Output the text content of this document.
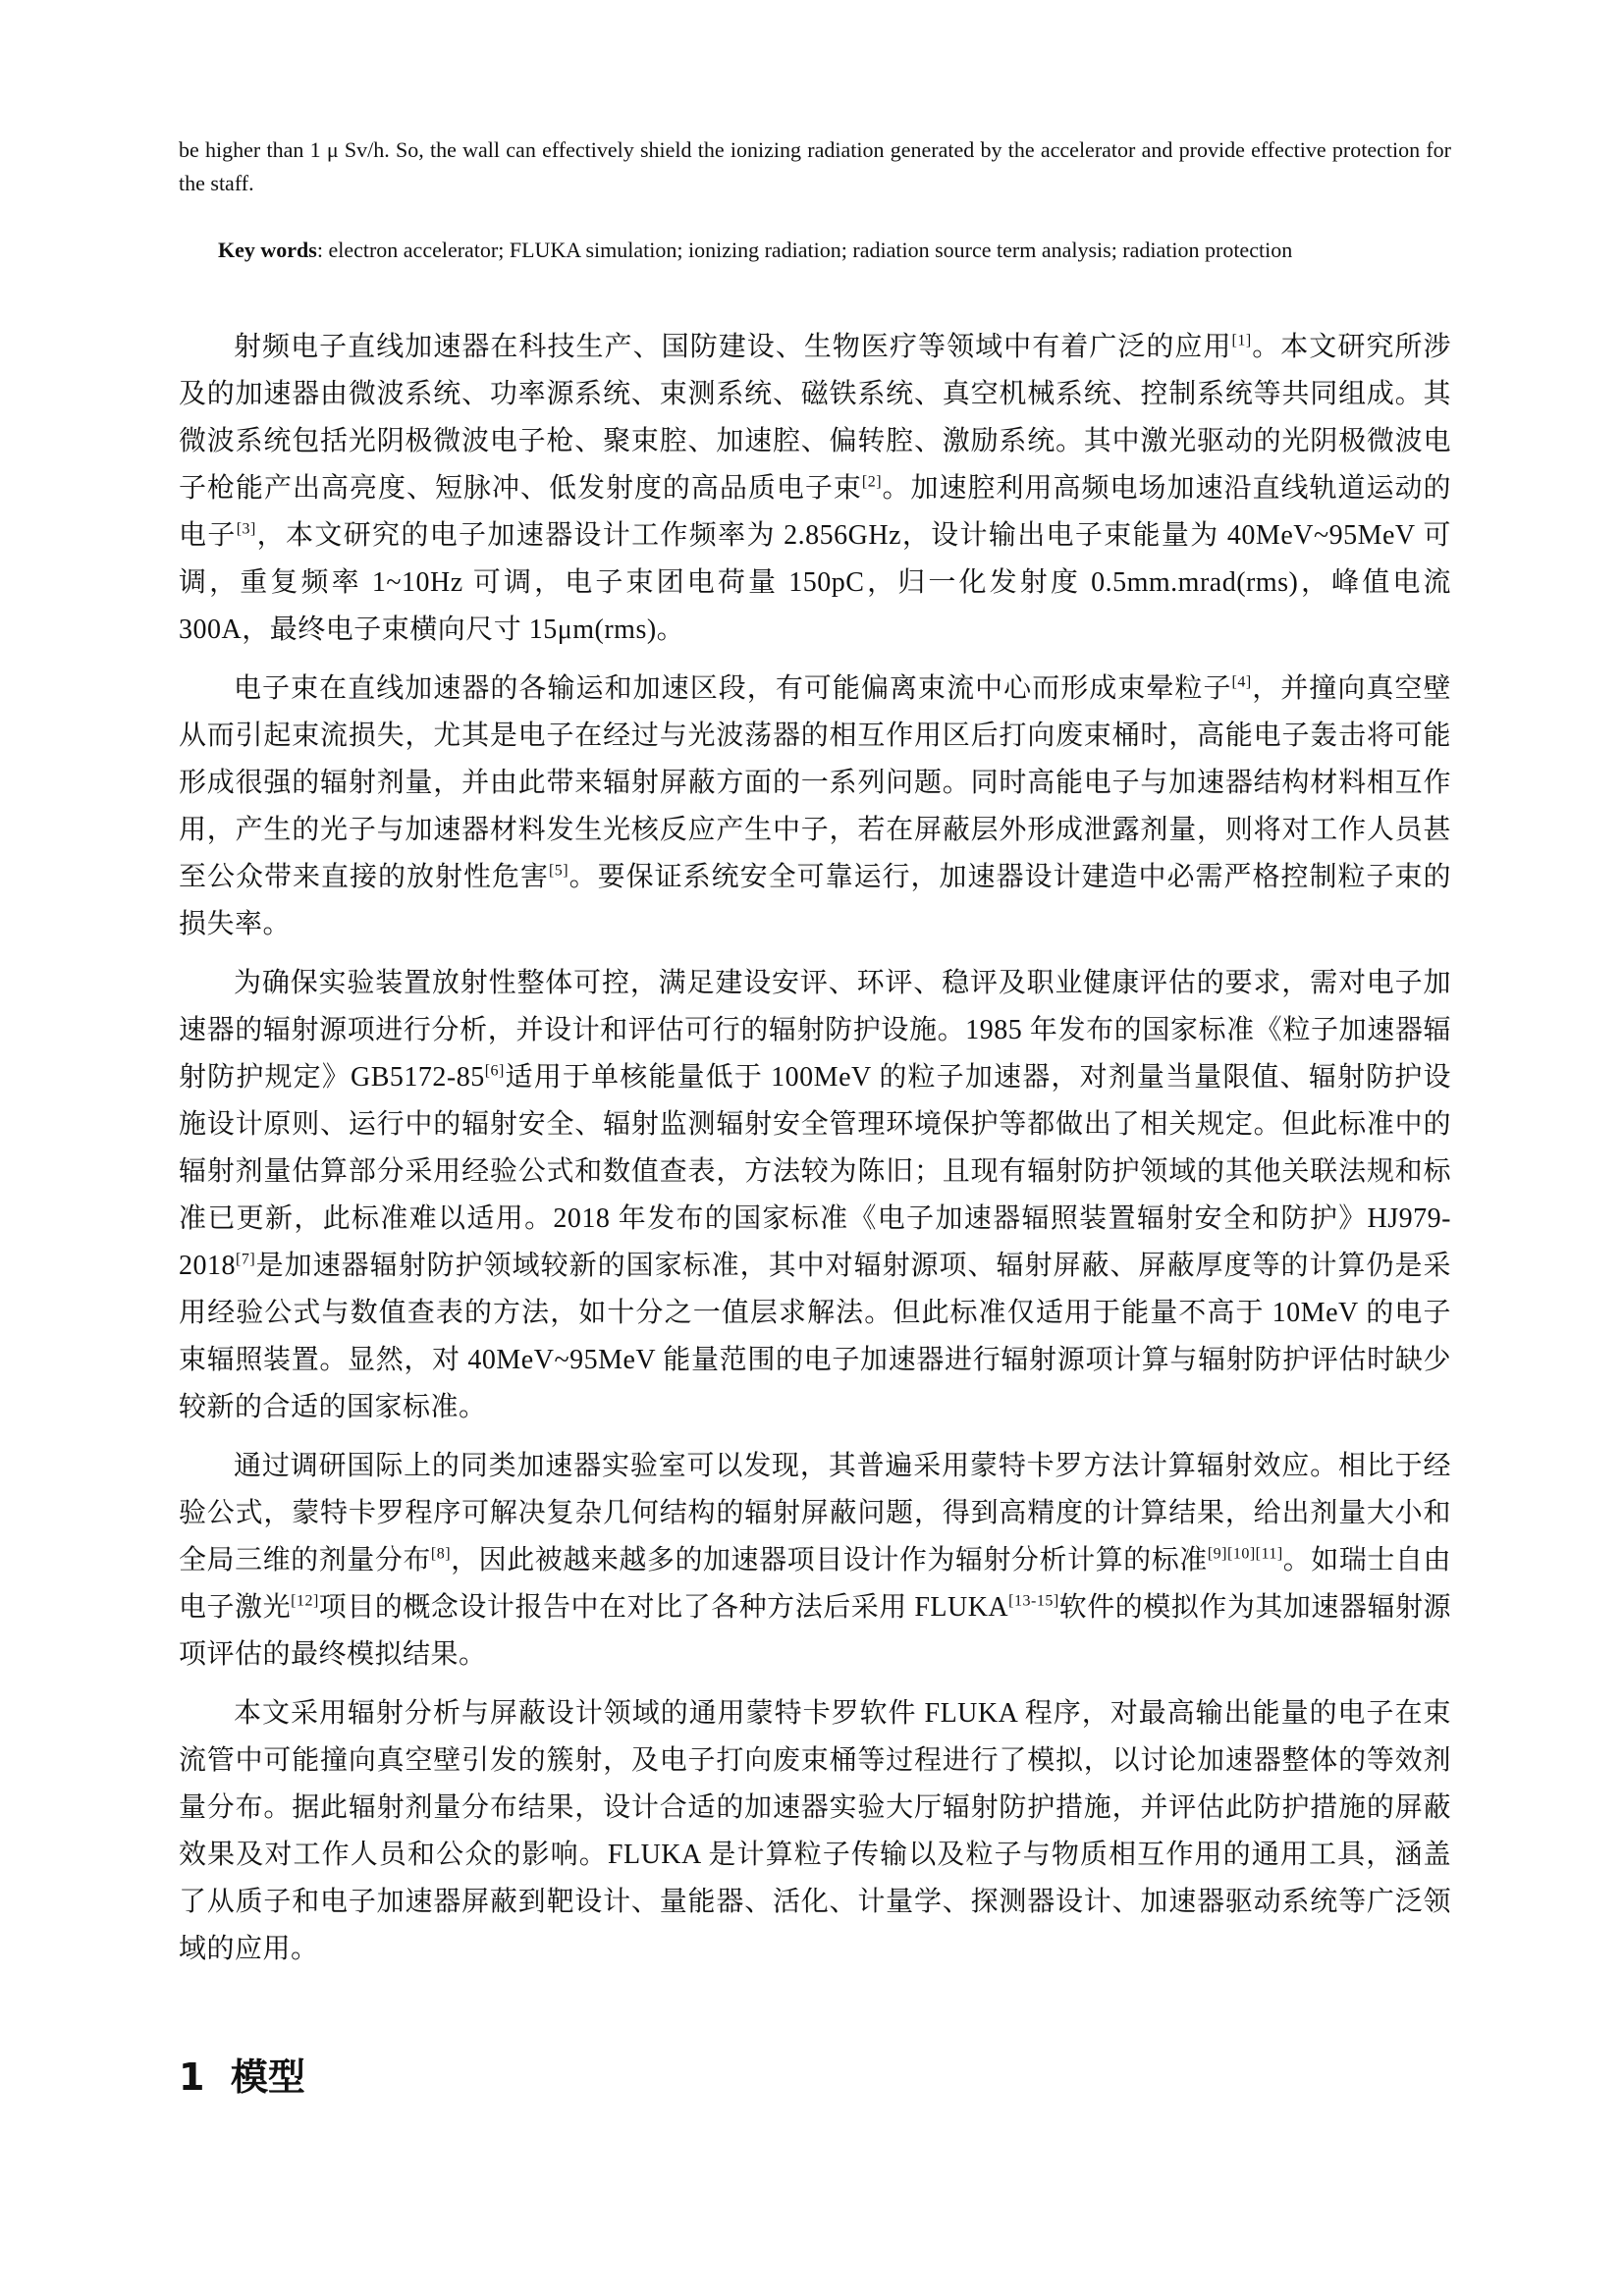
be higher than 1 μ Sv/h. So, the wall can effectively shield the ionizing radiation generated by the accelerator and provide effective protection for the staff.

Key words: electron accelerator; FLUKA simulation; ionizing radiation; radiation source term analysis; radiation protection

射频电子直线加速器在科技生产、国防建设、生物医疗等领域中有着广泛的应用[1]。本文研究所涉及的加速器由微波系统、功率源系统、束测系统、磁铁系统、真空机械系统、控制系统等共同组成。其微波系统包括光阴极微波电子枪、聚束腔、加速腔、偏转腔、激励系统。其中激光驱动的光阴极微波电子枪能产出高亮度、短脉冲、低发射度的高品质电子束[2]。加速腔利用高频电场加速沿直线轨道运动的电子[3]，本文研究的电子加速器设计工作频率为 2.856GHz，设计输出电子束能量为 40MeV~95MeV 可调，重复频率 1~10Hz 可调，电子束团电荷量 150pC，归一化发射度 0.5mm.mrad(rms)，峰值电流 300A，最终电子束横向尺寸 15μm(rms)。

电子束在直线加速器的各输运和加速区段，有可能偏离束流中心而形成束晕粒子[4]，并撞向真空壁从而引起束流损失，尤其是电子在经过与光波荡器的相互作用区后打向废束桶时，高能电子轰击将可能形成很强的辐射剂量，并由此带来辐射屏蔽方面的一系列问题。同时高能电子与加速器结构材料相互作用，产生的光子与加速器材料发生光核反应产生中子，若在屏蔽层外形成泄露剂量，则将对工作人员甚至公众带来直接的放射性危害[5]。要保证系统安全可靠运行，加速器设计建造中必需严格控制粒子束的损失率。

为确保实验装置放射性整体可控，满足建设安评、环评、稳评及职业健康评估的要求，需对电子加速器的辐射源项进行分析，并设计和评估可行的辐射防护设施。1985 年发布的国家标准《粒子加速器辐射防护规定》GB5172-85[6]适用于单核能量低于 100MeV 的粒子加速器，对剂量当量限值、辐射防护设施设计原则、运行中的辐射安全、辐射监测辐射安全管理环境保护等都做出了相关规定。但此标准中的辐射剂量估算部分采用经验公式和数值查表，方法较为陈旧；且现有辐射防护领域的其他关联法规和标准已更新，此标准难以适用。2018 年发布的国家标准《电子加速器辐照装置辐射安全和防护》HJ979-2018[7]是加速器辐射防护领域较新的国家标准，其中对辐射源项、辐射屏蔽、屏蔽厚度等的计算仍是采用经验公式与数值查表的方法，如十分之一值层求解法。但此标准仅适用于能量不高于 10MeV 的电子束辐照装置。显然，对 40MeV~95MeV 能量范围的电子加速器进行辐射源项计算与辐射防护评估时缺少较新的合适的国家标准。

通过调研国际上的同类加速器实验室可以发现，其普遍采用蒙特卡罗方法计算辐射效应。相比于经验公式，蒙特卡罗程序可解决复杂几何结构的辐射屏蔽问题，得到高精度的计算结果，给出剂量大小和全局三维的剂量分布[8]，因此被越来越多的加速器项目设计作为辐射分析计算的标准[9][10][11]。如瑞士自由电子激光[12]项目的概念设计报告中在对比了各种方法后采用 FLUKA[13-15]软件的模拟作为其加速器辐射源项评估的最终模拟结果。

本文采用辐射分析与屏蔽设计领域的通用蒙特卡罗软件 FLUKA 程序，对最高输出能量的电子在束流管中可能撞向真空壁引发的簇射，及电子打向废束桶等过程进行了模拟，以讨论加速器整体的等效剂量分布。据此辐射剂量分布结果，设计合适的加速器实验大厅辐射防护措施，并评估此防护措施的屏蔽效果及对工作人员和公众的影响。FLUKA 是计算粒子传输以及粒子与物质相互作用的通用工具，涵盖了从质子和电子加速器屏蔽到靶设计、量能器、活化、计量学、探测器设计、加速器驱动系统等广泛领域的应用。

1 模型
